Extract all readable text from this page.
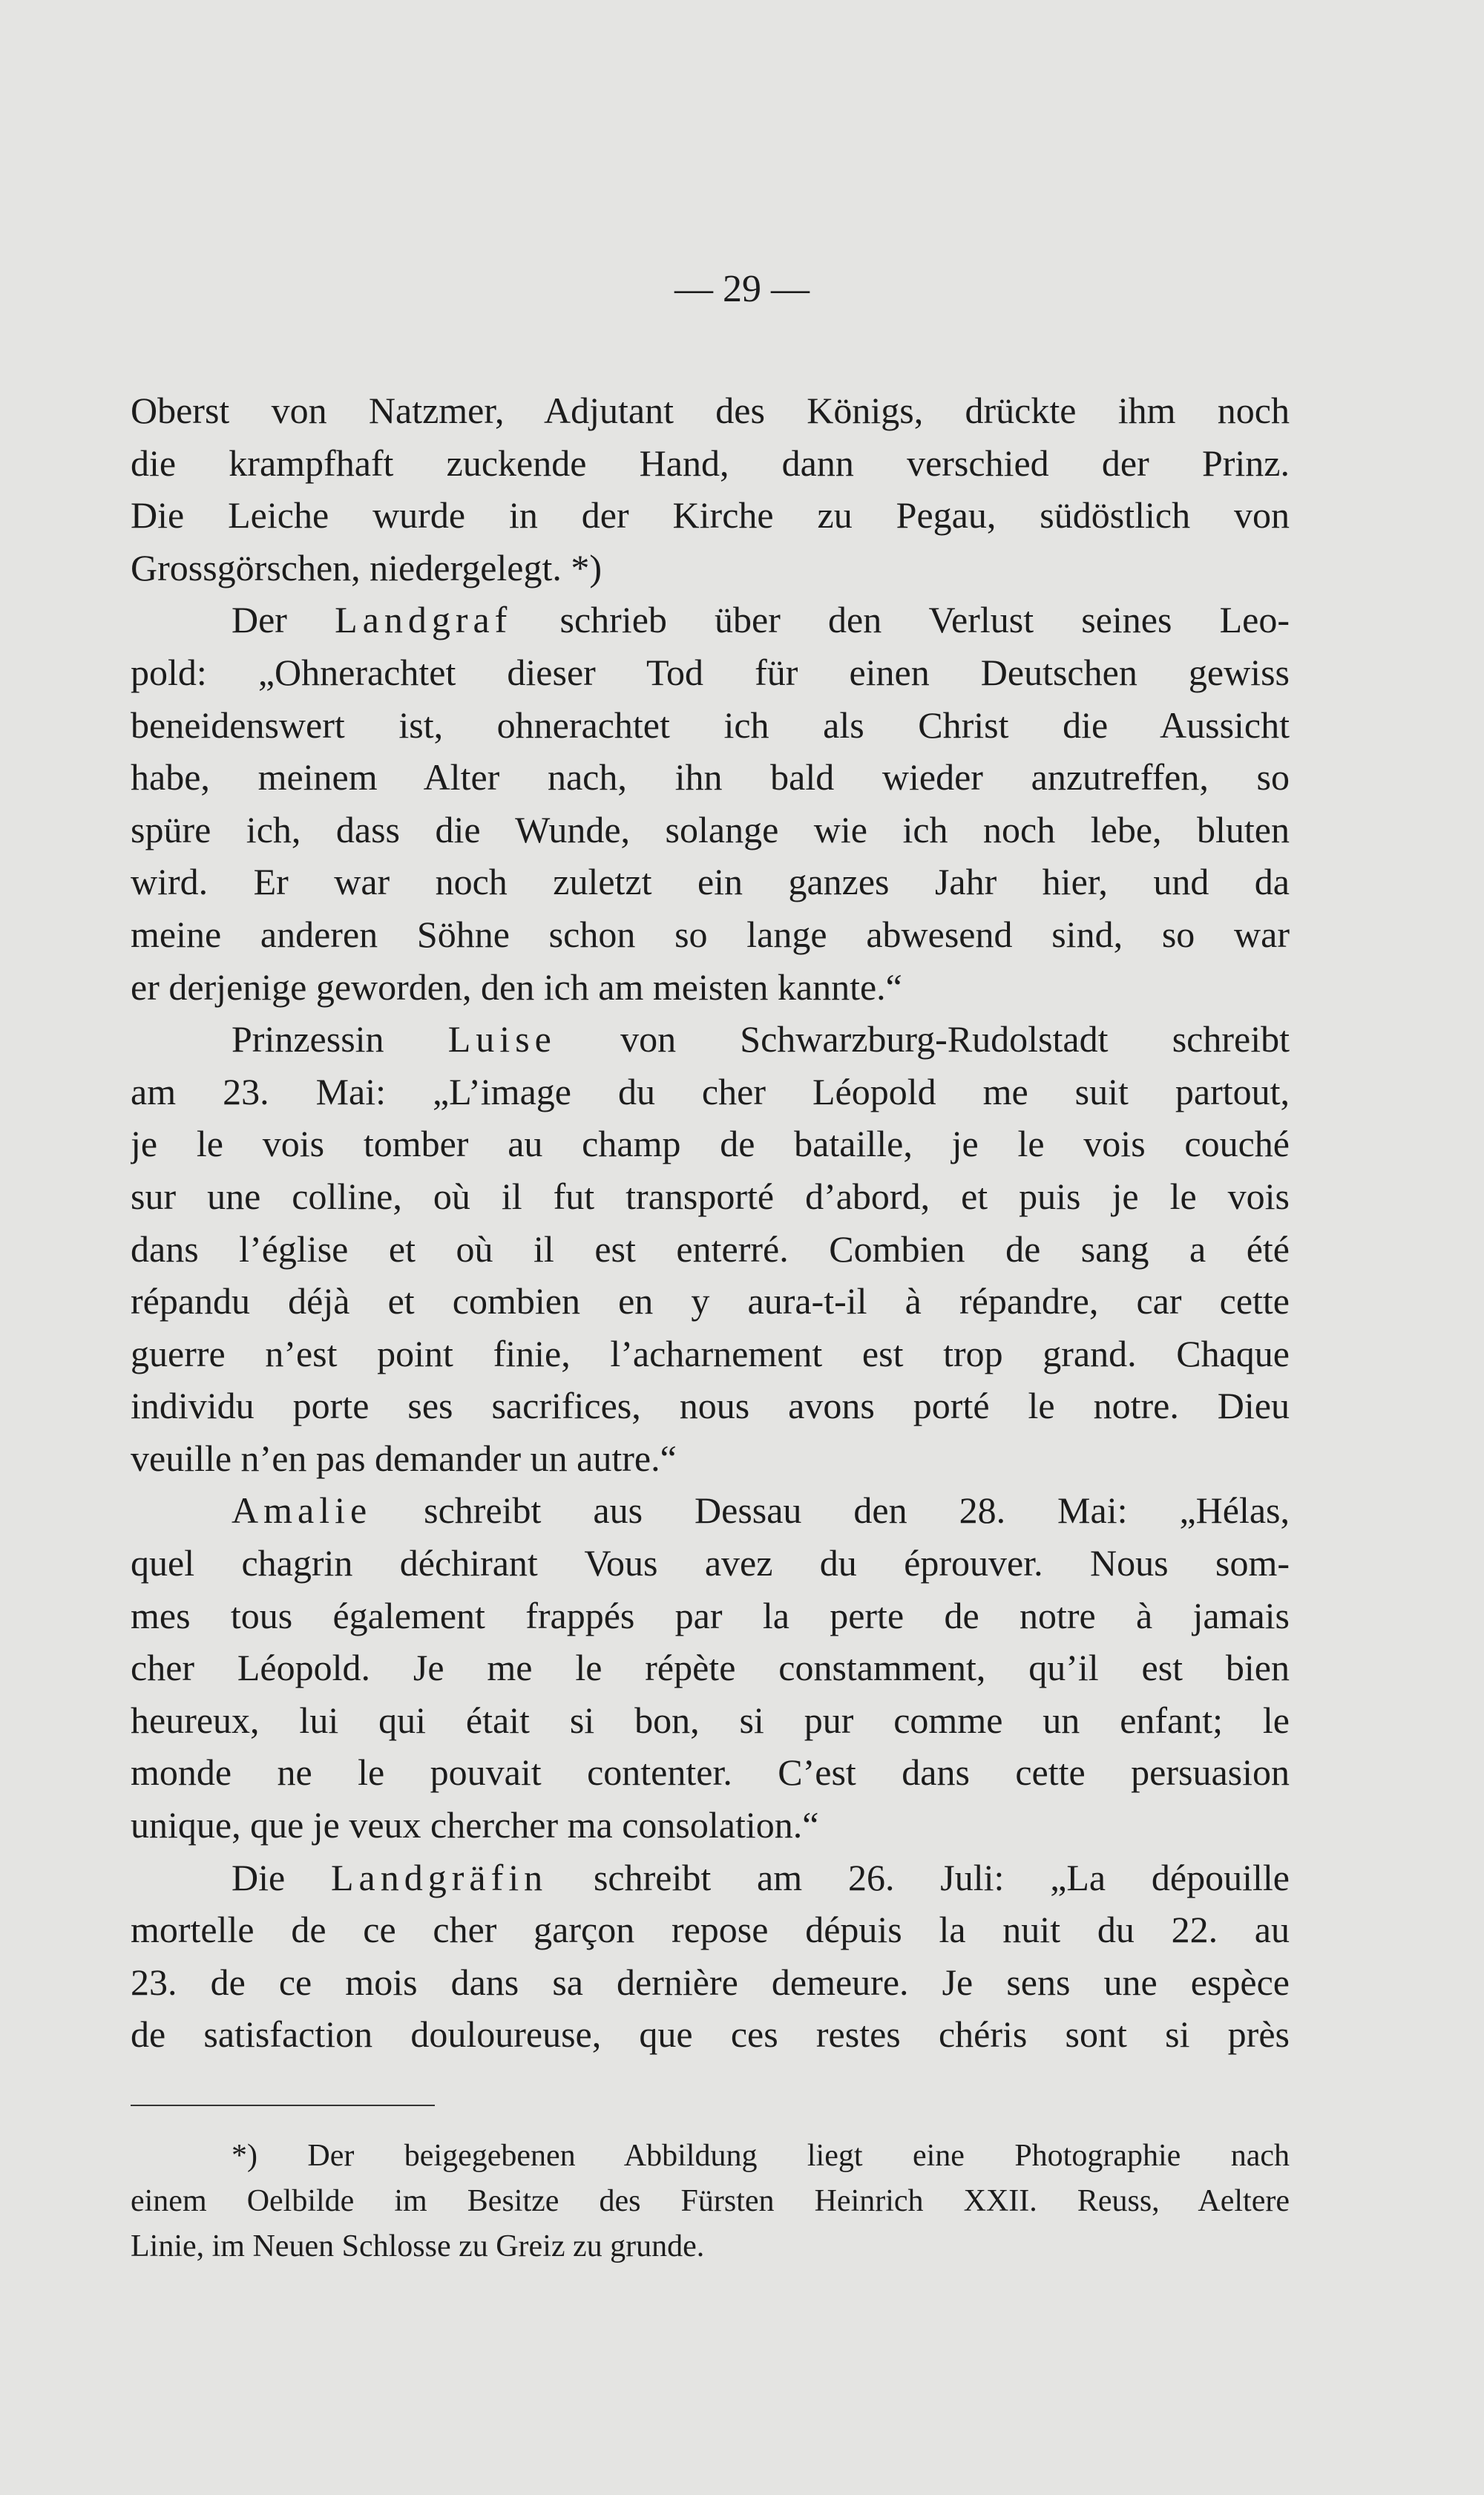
— 29 —
Oberst von Natzmer, Adjutant des Königs, drückte ihm noch
die krampfhaft zuckende Hand, dann verschied der Prinz.
Die Leiche wurde in der Kirche zu Pegau, südöstlich von
Grossgörschen, niedergelegt. *)
Der Landgraf schrieb über den Verlust seines Leo-
pold: „Ohnerachtet dieser Tod für einen Deutschen gewiss
beneidenswert ist, ohnerachtet ich als Christ die Aussicht
habe, meinem Alter nach, ihn bald wieder anzutreffen, so
spüre ich, dass die Wunde, solange wie ich noch lebe, bluten
wird. Er war noch zuletzt ein ganzes Jahr hier, und da
meine anderen Söhne schon so lange abwesend sind, so war
er derjenige geworden, den ich am meisten kannte.“
Prinzessin Luise von Schwarzburg-Rudolstadt schreibt
am 23. Mai: „L’image du cher Léopold me suit partout,
je le vois tomber au champ de bataille, je le vois couché
sur une colline, où il fut transporté d’abord, et puis je le vois
dans l’église et où il est enterré. Combien de sang a été
répandu déjà et combien en y aura-t-il à répandre, car cette
guerre n’est point finie, l’acharnement est trop grand. Chaque
individu porte ses sacrifices, nous avons porté le notre. Dieu
veuille n’en pas demander un autre.“
Amalie schreibt aus Dessau den 28. Mai: „Hélas,
quel chagrin déchirant Vous avez du éprouver. Nous som-
mes tous également frappés par la perte de notre à jamais
cher Léopold. Je me le répète constamment, qu’il est bien
heureux, lui qui était si bon, si pur comme un enfant; le
monde ne le pouvait contenter. C’est dans cette persuasion
unique, que je veux chercher ma consolation.“
Die Landgräfin schreibt am 26. Juli: „La dépouille
mortelle de ce cher garçon repose dépuis la nuit du 22. au
23. de ce mois dans sa dernière demeure. Je sens une espèce
de satisfaction douloureuse, que ces restes chéris sont si près
*) Der beigegebenen Abbildung liegt eine Photographie nach
einem Oelbilde im Besitze des Fürsten Heinrich XXII. Reuss, Aeltere
Linie, im Neuen Schlosse zu Greiz zu grunde.
